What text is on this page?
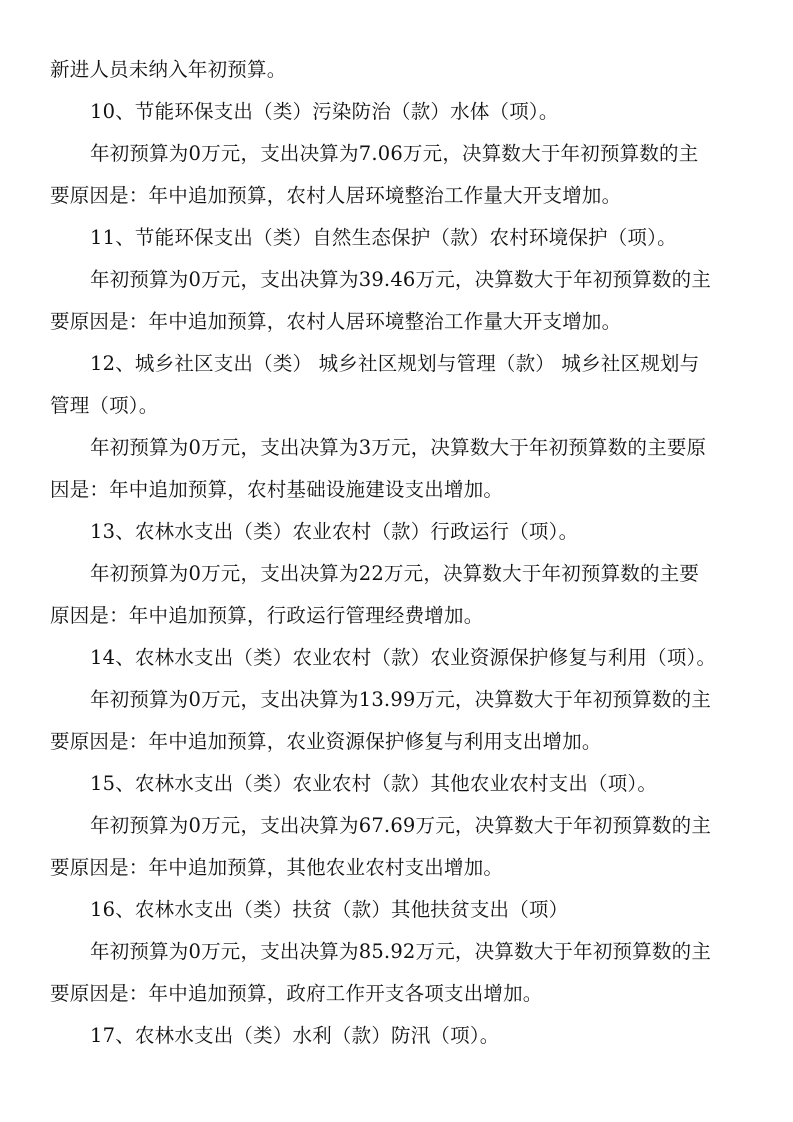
新进人员未纳入年初预算。
10、节能环保支出（类）污染防治（款）水体（项）。
年初预算为0万元，支出决算为7.06万元，决算数大于年初预算数的主
要原因是：年中追加预算，农村人居环境整治工作量大开支增加。
11、节能环保支出（类）自然生态保护（款）农村环境保护（项）。
年初预算为0万元，支出决算为39.46万元，决算数大于年初预算数的主
要原因是：年中追加预算，农村人居环境整治工作量大开支增加。
12、城乡社区支出（类） 城乡社区规划与管理（款） 城乡社区规划与
管理（项）。
年初预算为0万元，支出决算为3万元，决算数大于年初预算数的主要原
因是：年中追加预算，农村基础设施建设支出增加。
13、农林水支出（类）农业农村（款）行政运行（项）。
年初预算为0万元，支出决算为22万元，决算数大于年初预算数的主要
原因是：年中追加预算，行政运行管理经费增加。
14、农林水支出（类）农业农村（款）农业资源保护修复与利用（项）。
年初预算为0万元，支出决算为13.99万元，决算数大于年初预算数的主
要原因是：年中追加预算，农业资源保护修复与利用支出增加。
15、农林水支出（类）农业农村（款）其他农业农村支出（项）。
年初预算为0万元，支出决算为67.69万元，决算数大于年初预算数的主
要原因是：年中追加预算，其他农业农村支出增加。
16、农林水支出（类）扶贫（款）其他扶贫支出（项）
年初预算为0万元，支出决算为85.92万元，决算数大于年初预算数的主
要原因是：年中追加预算，政府工作开支各项支出增加。
17、农林水支出（类）水利（款）防汛（项）。
